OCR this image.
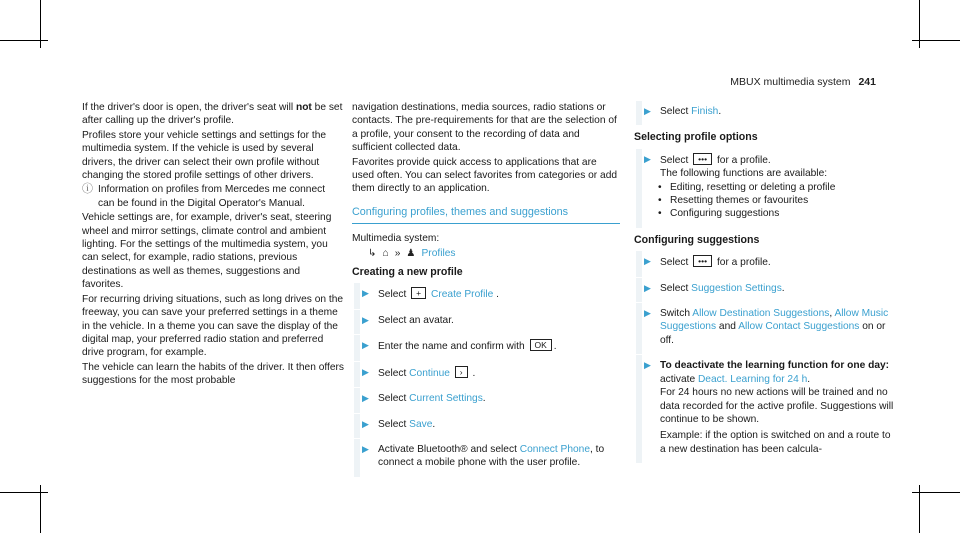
MBUX multimedia system 241

If the driver's door is open, the driver's seat will not be set after calling up the driver's profile.

Profiles store your vehicle settings and settings for the multimedia system. If the vehicle is used by several drivers, the driver can select their own profile without changing the stored profile settings of other drivers.

ⓘ Information on profiles from Mercedes me connect can be found in the Digital Operator's Manual.

Vehicle settings are, for example, driver's seat, steering wheel and mirror settings, climate control and ambient lighting. For the settings of the multimedia system, you can select, for example, radio stations, previous destinations as well as themes, suggestions and favorites.

For recurring driving situations, such as long drives on the freeway, you can save your preferred settings in a theme in the vehicle. In a theme you can save the display of the digital map, your preferred radio station and preferred drive program, for example.

The vehicle can learn the habits of the driver. It then offers suggestions for the most probable

navigation destinations, media sources, radio stations or contacts. The pre-requirements for that are the selection of a profile, your consent to the recording of data and sufficient collected data.

Favorites provide quick access to applications that are used often. You can select favorites from categories or add them directly to an application.

Configuring profiles, themes and suggestions

Multimedia system:

↳ ⌂ » ♟ Profiles

Creating a new profile

▶ Select + Create Profile .

▶ Select an avatar.

▶ Enter the name and confirm with OK .

▶ Select Continue › .

▶ Select Current Settings.

▶ Select Save.

▶ Activate Bluetooth® and select Connect Phone, to connect a mobile phone with the user profile.

▶ Select Finish.

Selecting profile options
▶ Select ••• for a profile.
The following functions are available:
• Editing, resetting or deleting a profile
• Resetting themes or favourites
• Configuring suggestions
Configuring suggestions

▶ Select ••• for a profile.

▶ Select Suggestion Settings.

▶ Switch Allow Destination Suggestions, Allow Music Suggestions and Allow Contact Suggestions on or off.

▶ To deactivate the learning function for one day: activate Deact. Learning for 24 h.
For 24 hours no new actions will be trained and no data recorded for the active profile. Suggestions will continue to be shown.
Example: if the option is switched on and a route to a new destination has been calcula-
